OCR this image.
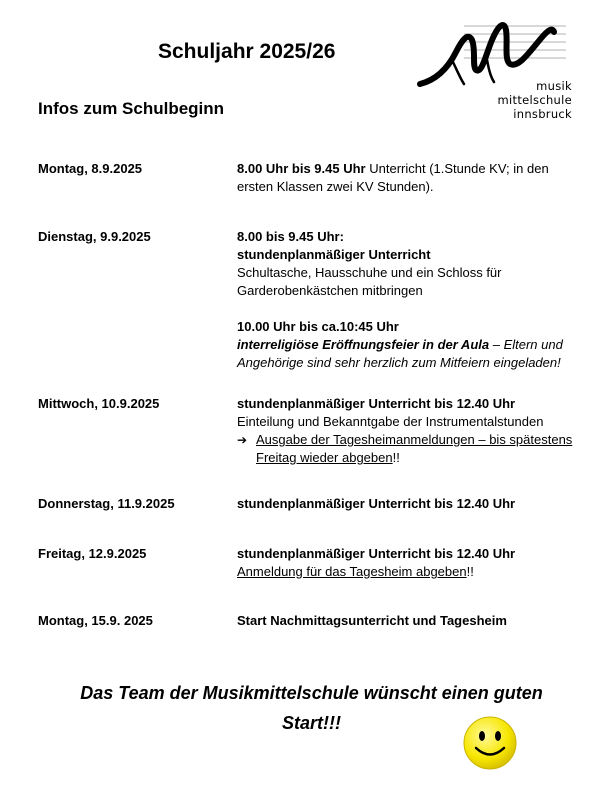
Schuljahr 2025/26
Infos zum Schulbeginn
musik
mittelschule
innsbruck
Montag, 8.9.2025	8.00 Uhr bis 9.45 Uhr Unterricht (1.Stunde KV; in den
ersten Klassen zwei KV Stunden).
Dienstag, 9.9.2025	8.00 bis 9.45 Uhr:
stundenplanmäßiger Unterricht
Schultasche, Hausschuhe und ein Schloss für
Garderobenkästchen mitbringen
10.00 Uhr bis ca.10:45 Uhr
interreligiöse Eröffnungsfeier in der Aula – Eltern und
Angehörige sind sehr herzlich zum Mitfeiern eingeladen!
Mittwoch, 10.9.2025	stundenplanmäßiger Unterricht bis 12.40 Uhr
Einteilung und Bekanntgabe der Instrumentalstunden
➔ Ausgabe der Tagesheimanmeldungen – bis spätestens
Freitag wieder abgeben!!
Donnerstag, 11.9.2025	stundenplanmäßiger Unterricht bis 12.40 Uhr
Freitag, 12.9.2025	stundenplanmäßiger Unterricht bis 12.40 Uhr
Anmeldung für das Tagesheim abgeben!!
Montag, 15.9. 2025	Start Nachmittagsunterricht und Tagesheim
Das Team der Musikmittelschule wünscht einen guten
Start!!!
